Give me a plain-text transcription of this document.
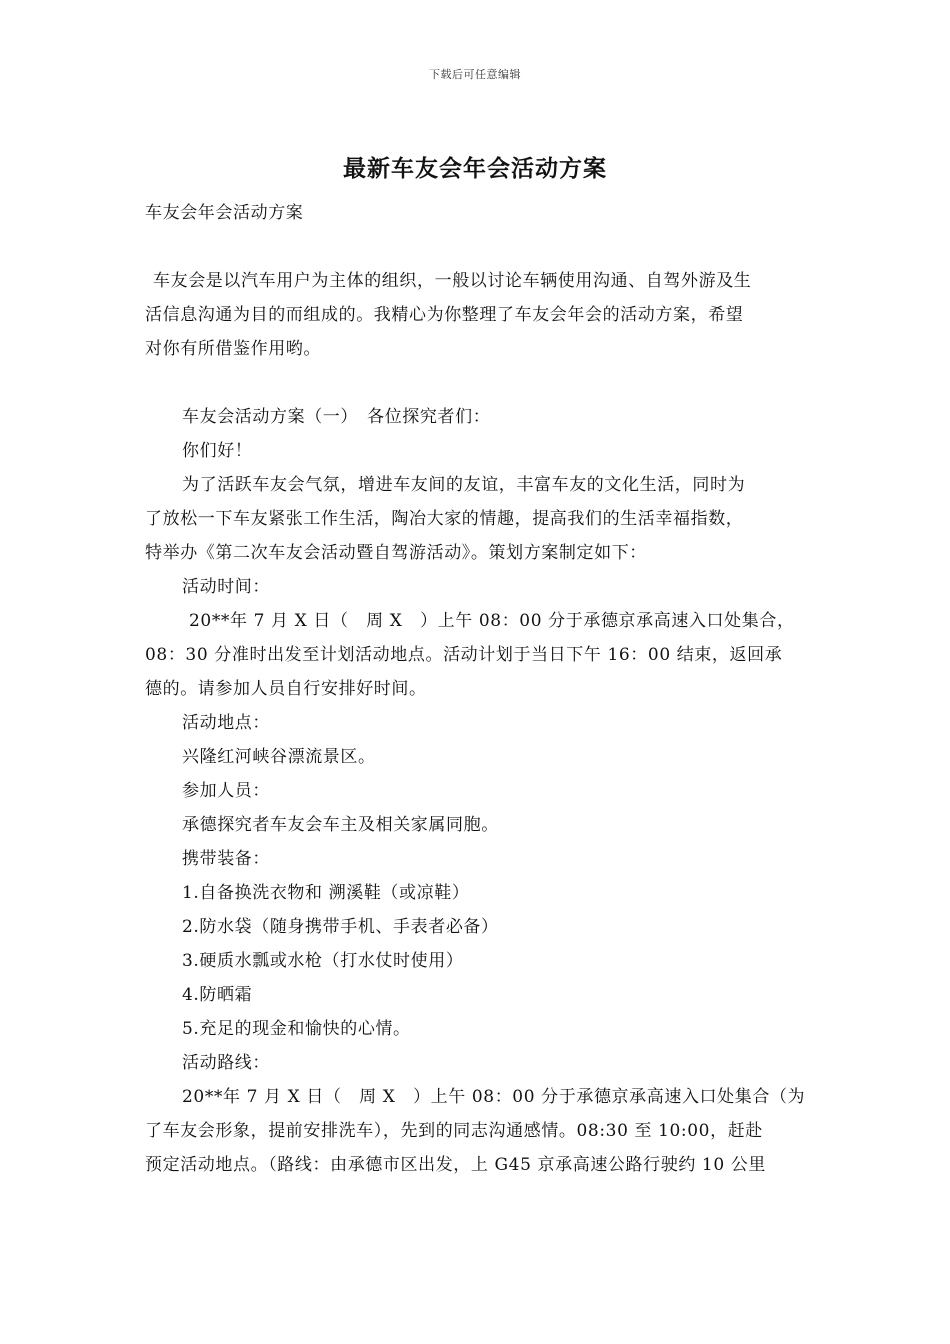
下载后可任意编辑
最新车友会年会活动方案
车友会年会活动方案
车友会是以汽车用户为主体的组织，一般以讨论车辆使用沟通、自驾外游及生
活信息沟通为目的而组成的。我精心为你整理了车友会年会的活动方案，希望
对你有所借鉴作用哟。
车友会活动方案（一）　各位探究者们：
你们好！
为了活跃车友会气氛，增进车友间的友谊，丰富车友的文化生活，同时为
了放松一下车友紧张工作生活，陶冶大家的情趣，提高我们的生活幸福指数，
特举办《第二次车友会活动暨自驾游活动》。策划方案制定如下：
活动时间：
20**年 7 月 X 日（　周 X　）上午 08：00 分于承德京承高速入口处集合，
08：30 分准时出发至计划活动地点。活动计划于当日下午 16：00 结束，返回承
德的。请参加人员自行安排好时间。
活动地点：
兴隆红河峡谷漂流景区。
参加人员：
承德探究者车友会车主及相关家属同胞。
携带装备：
1.自备换洗衣物和 溯溪鞋（或凉鞋）
2.防水袋（随身携带手机、手表者必备）
3.硬质水瓢或水枪（打水仗时使用）
4.防晒霜
5.充足的现金和愉快的心情。
活动路线：
20**年 7 月 X 日（　周 X　）上午 08：00 分于承德京承高速入口处集合（为
了车友会形象，提前安排洗车），先到的同志沟通感情。08:30 至 10:00，赶赴
预定活动地点。（路线：由承德市区出发，上 G45 京承高速公路行驶约 10 公里
